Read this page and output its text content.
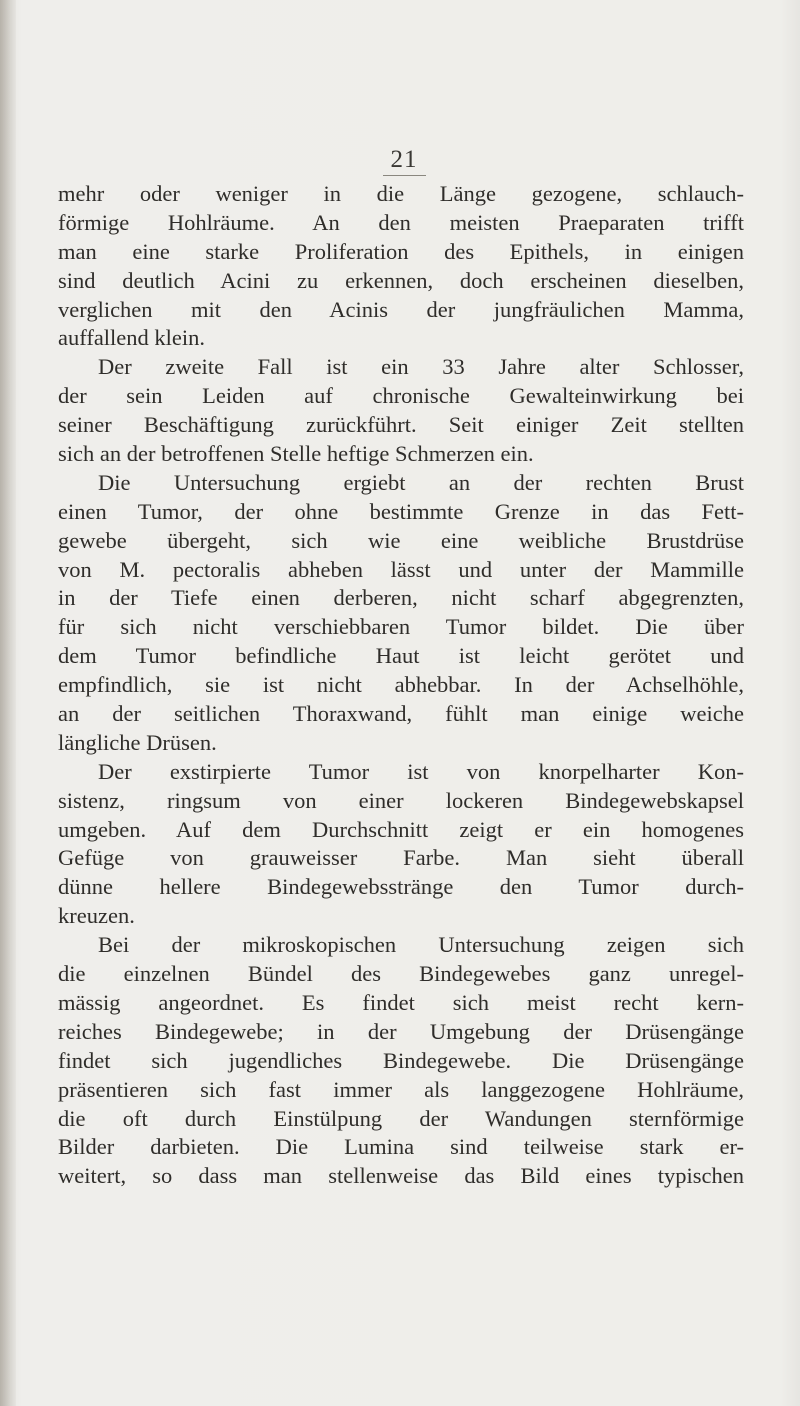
21
mehr oder weniger in die Länge gezogene, schlauch-
förmige Hohlräume. An den meisten Praeparaten trifft
man eine starke Proliferation des Epithels, in einigen
sind deutlich Acini zu erkennen, doch erscheinen dieselben,
verglichen mit den Acinis der jungfräulichen Mamma,
auffallend klein.
Der zweite Fall ist ein 33 Jahre alter Schlosser,
der sein Leiden auf chronische Gewalteinwirkung bei
seiner Beschäftigung zurückführt. Seit einiger Zeit stellten
sich an der betroffenen Stelle heftige Schmerzen ein.
Die Untersuchung ergiebt an der rechten Brust
einen Tumor, der ohne bestimmte Grenze in das Fett-
gewebe übergeht, sich wie eine weibliche Brustdrüse
von M. pectoralis abheben lässt und unter der Mammille
in der Tiefe einen derberen, nicht scharf abgegrenzten,
für sich nicht verschiebbaren Tumor bildet. Die über
dem Tumor befindliche Haut ist leicht gerötet und
empfindlich, sie ist nicht abhebbar. In der Achselhöhle,
an der seitlichen Thoraxwand, fühlt man einige weiche
längliche Drüsen.
Der exstirpierte Tumor ist von knorpelharter Kon-
sistenz, ringsum von einer lockeren Bindegewebskapsel
umgeben. Auf dem Durchschnitt zeigt er ein homogenes
Gefüge von grauweisser Farbe. Man sieht überall
dünne hellere Bindegewebsstränge den Tumor durch-
kreuzen.
Bei der mikroskopischen Untersuchung zeigen sich
die einzelnen Bündel des Bindegewebes ganz unregel-
mässig angeordnet. Es findet sich meist recht kern-
reiches Bindegewebe; in der Umgebung der Drüsengänge
findet sich jugendliches Bindegewebe. Die Drüsengänge
präsentieren sich fast immer als langgezogene Hohlräume,
die oft durch Einstülpung der Wandungen sternförmige
Bilder darbieten. Die Lumina sind teilweise stark er-
weitert, so dass man stellenweise das Bild eines typischen
